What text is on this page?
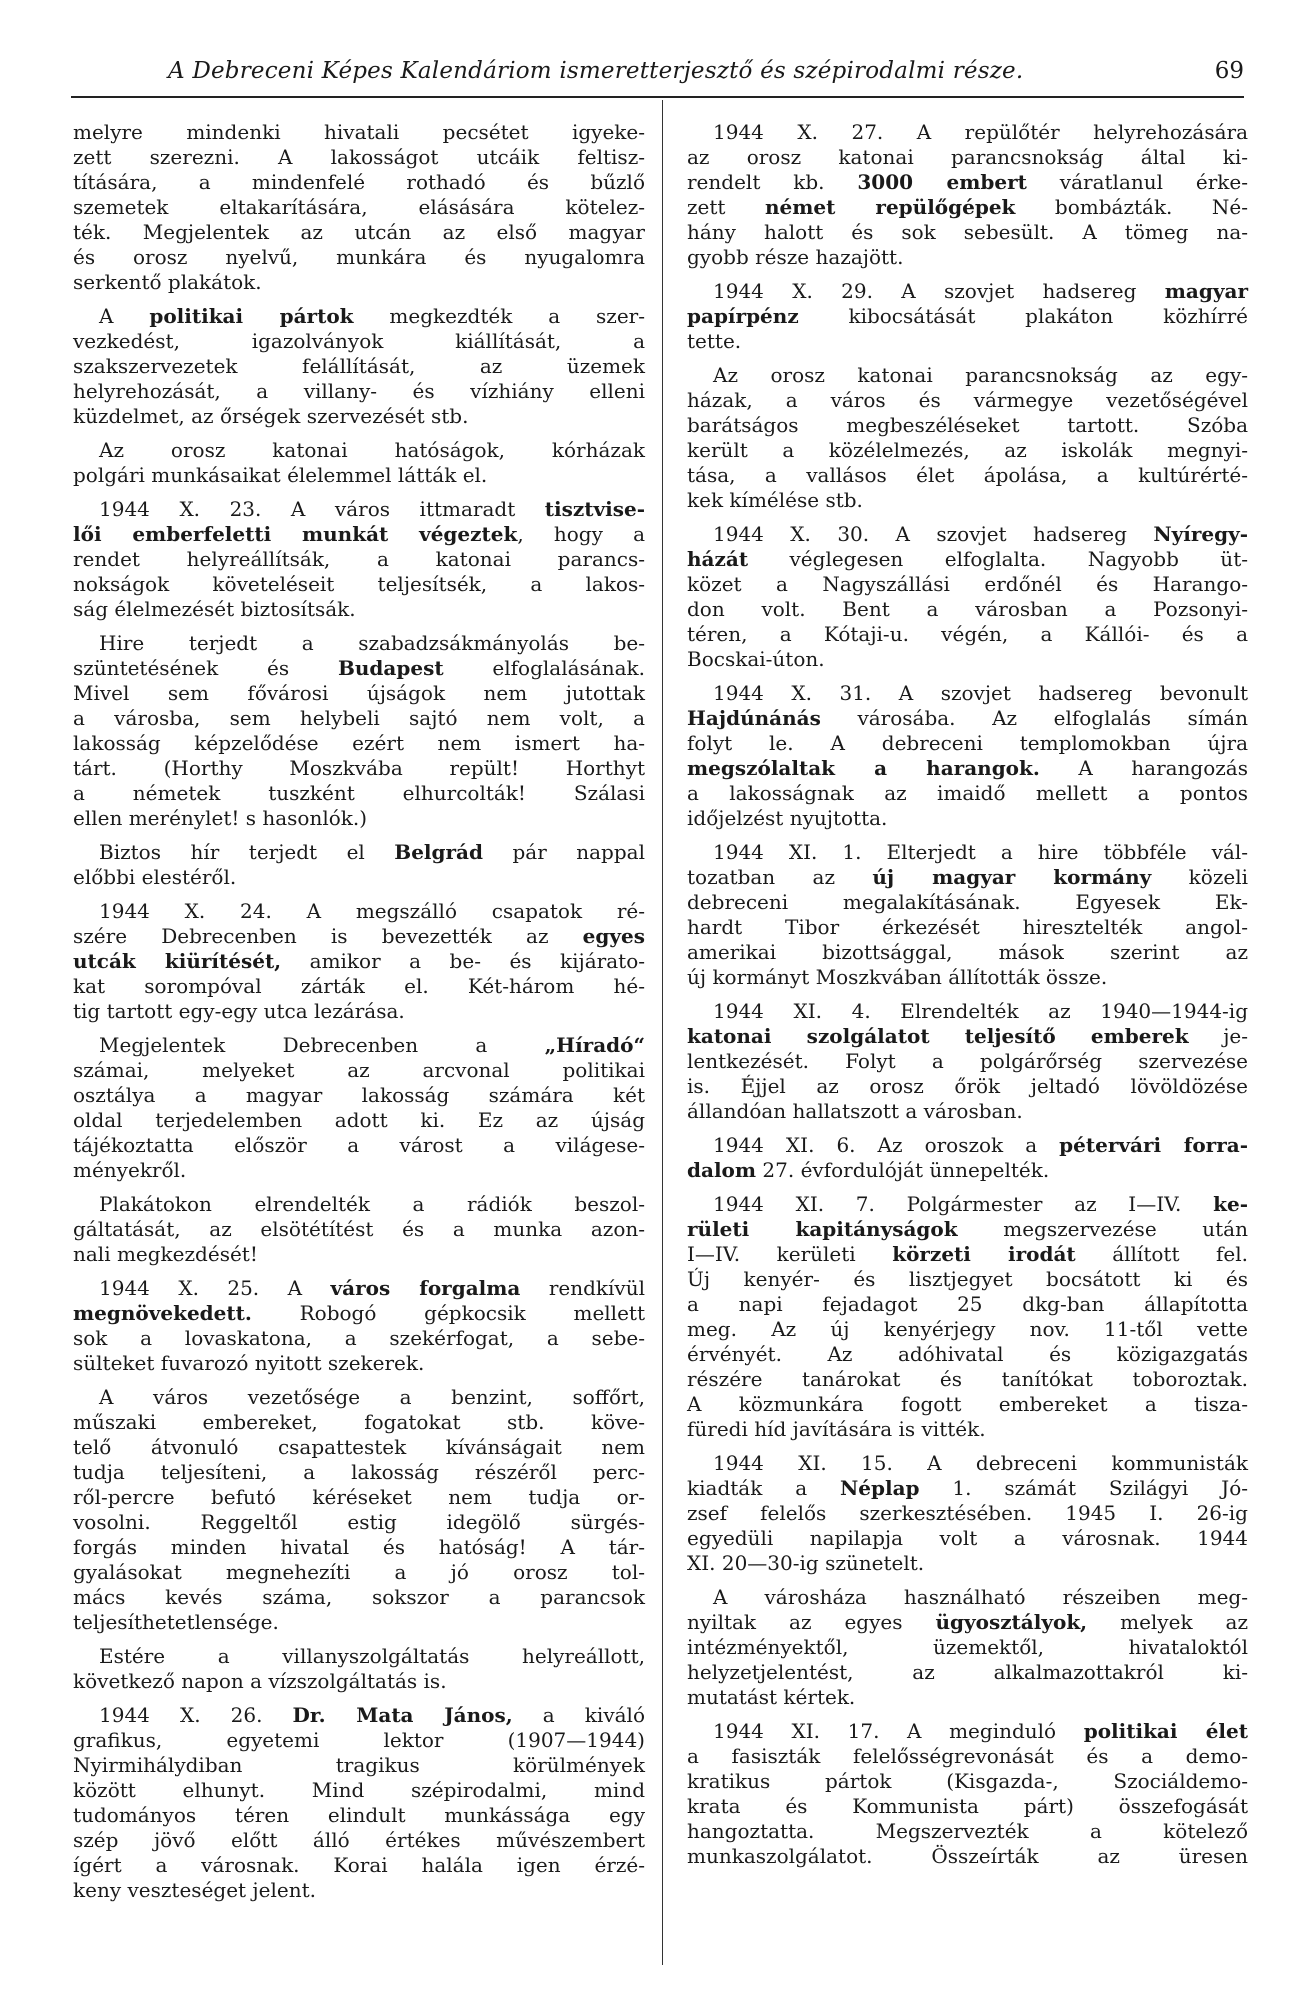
A Debreceni Képes Kalendáriom ismeretterjesztő és szépirodalmi része.	69
melyre mindenki hivatali pecsétet igyeke-
zett szerezni. A lakosságot utcáik feltisz-
títására, a mindenfelé rothadó és bűzlő
szemetek eltakarítására, elásására kötelez-
ték. Megjelentek az utcán az első magyar
és orosz nyelvű, munkára és nyugalomra
serkentő plakátok.
A politikai pártok megkezdték a szer-
vezkedést, igazolványok kiállítását, a
szakszervezetek felállítását, az üzemek
helyrehozását, a villany- és vízhiány elleni
küzdelmet, az őrségek szervezését stb.
Az orosz katonai hatóságok, kórházak
polgári munkásaikat élelemmel látták el.
1944 X. 23. A város ittmaradt tisztvise-
lői emberfeletti munkát végeztek, hogy a
rendet helyreállítsák, a katonai parancs-
nokságok követeléseit teljesítsék, a lakos-
ság élelmezését biztosítsák.
Hire terjedt a szabadzsákmányolás be-
szüntetésének és Budapest elfoglalásának.
Mivel sem fővárosi újságok nem jutottak
a városba, sem helybeli sajtó nem volt, a
lakosság képzelődése ezért nem ismert ha-
tárt. (Horthy Moszkvába repült! Horthyt
a németek tuszként elhurcolták! Szálasi
ellen merénylet! s hasonlók.)
Biztos hír terjedt el Belgrád pár nappal
előbbi elestéről.
1944 X. 24. A megszálló csapatok ré-
szére Debrecenben is bevezették az egyes
utcák kiürítését, amikor a be- és kijárato-
kat sorompóval zárták el. Két-három hé-
tig tartott egy-egy utca lezárása.
Megjelentek Debrecenben a „Híradó“
számai, melyeket az arcvonal politikai
osztálya a magyar lakosság számára két
oldal terjedelemben adott ki. Ez az újság
tájékoztatta először a várost a világese-
ményekről.
Plakátokon elrendelték a rádiók beszol-
gáltatását, az elsötétítést és a munka azon-
nali megkezdését!
1944 X. 25. A város forgalma rendkívül
megnövekedett. Robogó gépkocsik mellett
sok a lovaskatona, a szekérfogat, a sebe-
sülteket fuvarozó nyitott szekerek.
A város vezetősége a benzint, soffőrt,
műszaki embereket, fogatokat stb. köve-
telő átvonuló csapattestek kívánságait nem
tudja teljesíteni, a lakosság részéről perc-
ről-percre befutó kéréseket nem tudja or-
vosolni. Reggeltől estig idegölő sürgés-
forgás minden hivatal és hatóság! A tár-
gyalásokat megnehezíti a jó orosz tol-
mács kevés száma, sokszor a parancsok
teljesíthetetlensége.
Estére a villanyszolgáltatás helyreállott,
következő napon a vízszolgáltatás is.
1944 X. 26. Dr. Mata János, a kiváló
grafikus, egyetemi lektor (1907—1944)
Nyirmihálydiban tragikus körülmények
között elhunyt. Mind szépirodalmi, mind
tudományos téren elindult munkássága egy
szép jövő előtt álló értékes művészembert
ígért a városnak. Korai halála igen érzé-
keny veszteséget jelent.
1944 X. 27. A repülőtér helyrehozására
az orosz katonai parancsnokság által ki-
rendelt kb. 3000 embert váratlanul érke-
zett német repülőgépek bombázták. Né-
hány halott és sok sebesült. A tömeg na-
gyobb része hazajött.
1944 X. 29. A szovjet hadsereg magyar
papírpénz kibocsátását plakáton közhírré
tette.
Az orosz katonai parancsnokság az egy-
házak, a város és vármegye vezetőségével
barátságos megbeszéléseket tartott. Szóba
került a közélelmezés, az iskolák megnyi-
tása, a vallásos élet ápolása, a kultúrérté-
kek kímélése stb.
1944 X. 30. A szovjet hadsereg Nyíregy-
házát véglegesen elfoglalta. Nagyobb üt-
közet a Nagyszállási erdőnél és Harango-
don volt. Bent a városban a Pozsonyi-
téren, a Kótaji-u. végén, a Kállói- és a
Bocskai-úton.
1944 X. 31. A szovjet hadsereg bevonult
Hajdúnánás városába. Az elfoglalás símán
folyt le. A debreceni templomokban újra
megszólaltak a harangok. A harangozás
a lakosságnak az imaidő mellett a pontos
időjelzést nyujtotta.
1944 XI. 1. Elterjedt a hire többféle vál-
tozatban az új magyar kormány közeli
debreceni megalakításának. Egyesek Ek-
hardt Tibor érkezését hiresztelték angol-
amerikai bizottsággal, mások szerint az
új kormányt Moszkvában állították össze.
1944 XI. 4. Elrendelték az 1940—1944-ig
katonai szolgálatot teljesítő emberek je-
lentkezését. Folyt a polgárőrség szervezése
is. Éjjel az orosz őrök jeltadó lövöldözése
állandóan hallatszott a városban.
1944 XI. 6. Az oroszok a pétervári forra-
dalom 27. évfordulóját ünnepelték.
1944 XI. 7. Polgármester az I—IV. ke-
rületi kapitányságok megszervezése után
I—IV. kerületi körzeti irodát állított fel.
Új kenyér- és lisztjegyet bocsátott ki és
a napi fejadagot 25 dkg-ban állapította
meg. Az új kenyérjegy nov. 11-től vette
érvényét. Az adóhivatal és közigazgatás
részére tanárokat és tanítókat toboroztak.
A közmunkára fogott embereket a tisza-
füredi híd javítására is vitték.
1944 XI. 15. A debreceni kommunisták
kiadták a Néplap 1. számát Szilágyi Jó-
zsef felelős szerkesztésében. 1945 I. 26-ig
egyedüli napilapja volt a városnak. 1944
XI. 20—30-ig szünetelt.
A városháza használható részeiben meg-
nyiltak az egyes ügyosztályok, melyek az
intézményektől, üzemektől, hivataloktól
helyzetjelentést, az alkalmazottakról ki-
mutatást kértek.
1944 XI. 17. A meginduló politikai élet
a fasiszták felelősségrevonását és a demo-
kratikus pártok (Kisgazda-, Szociáldemo-
krata és Kommunista párt) összefogását
hangoztatta. Megszervezték a kötelező
munkaszolgálatot. Összeírták az üresen
